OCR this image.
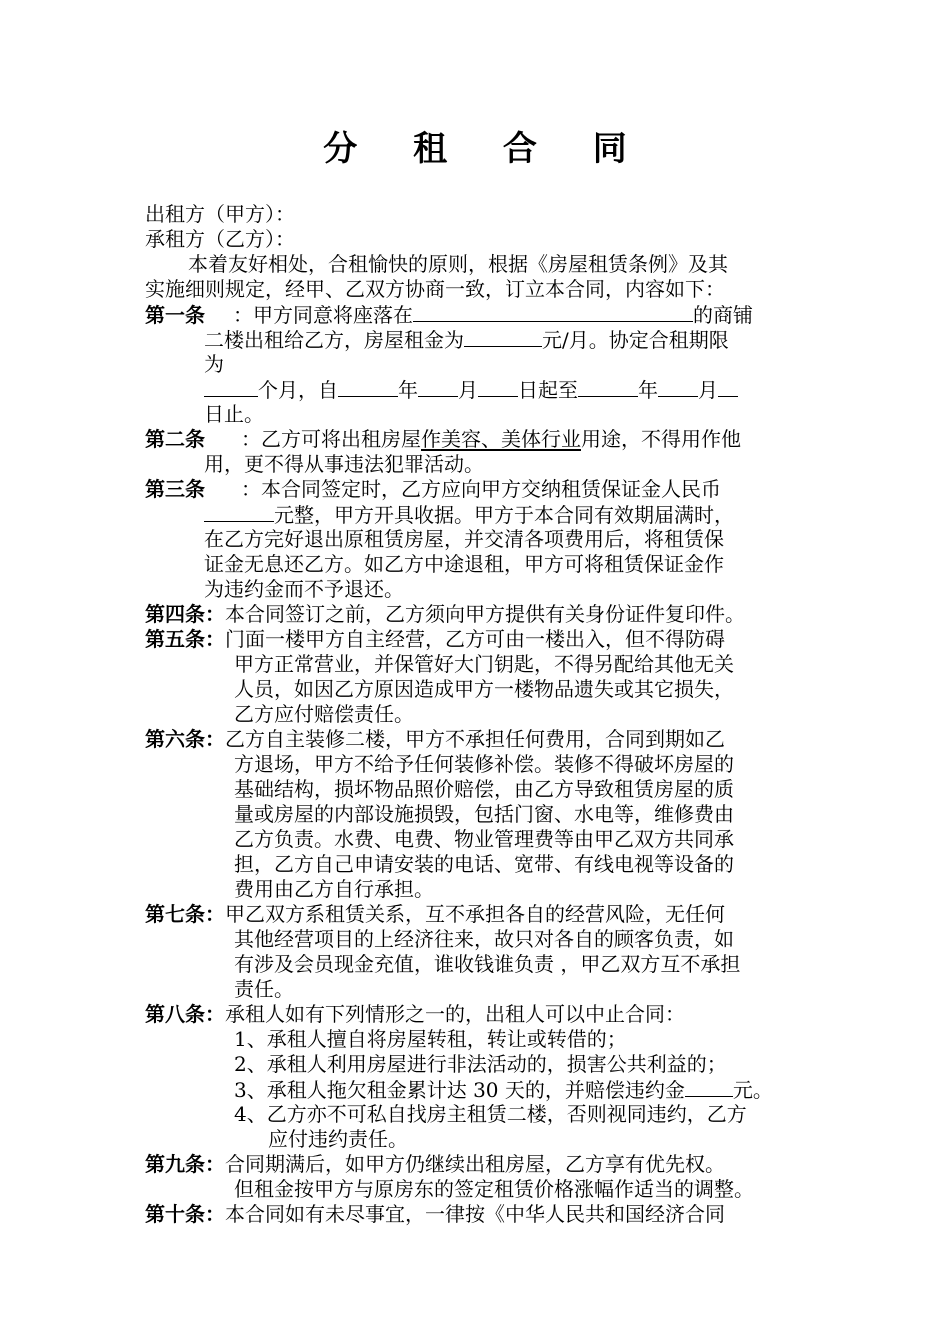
分 租 合 同
出租方（甲方）：
承租方（乙方）：
本着友好相处，合租愉快的原则，根据《房屋租赁条例》及其
实施细则规定，经甲、乙双方协商一致，订立本合同，内容如下：
第一条 ：甲方同意将座落在	的商铺
二楼出租给乙方，房屋租金为	元/月。协定合租期限
为
个月，自	年 月 日起至	年 月
日止。
第二条 ：乙方可将出租房屋作美容、美体行业用途，不得用作他
用，更不得从事违法犯罪活动。
第三条 ：本合同签定时，乙方应向甲方交纳租赁保证金人民币
元整，甲方开具收据。甲方于本合同有效期届满时，
在乙方完好退出原租赁房屋，并交清各项费用后，将租赁保
证金无息还乙方。如乙方中途退租，甲方可将租赁保证金作
为违约金而不予退还。
第四条：本合同签订之前，乙方须向甲方提供有关身份证件复印件。
第五条：门面一楼甲方自主经营，乙方可由一楼出入，但不得防碍
甲方正常营业，并保管好大门钥匙，不得另配给其他无关
人员，如因乙方原因造成甲方一楼物品遗失或其它损失，
乙方应付赔偿责任。
第六条：乙方自主装修二楼，甲方不承担任何费用，合同到期如乙
方退场，甲方不给予任何装修补偿。装修不得破坏房屋的
基础结构，损坏物品照价赔偿，由乙方导致租赁房屋的质
量或房屋的内部设施损毁，包括门窗、水电等，维修费由
乙方负责。水费、电费、物业管理费等由甲乙双方共同承
担，乙方自己申请安装的电话、宽带、有线电视等设备的
费用由乙方自行承担。
第七条：甲乙双方系租赁关系，互不承担各自的经营风险，无任何
其他经营项目的上经济往来，故只对各自的顾客负责，如
有涉及会员现金充值，谁收钱谁负责 ，甲乙双方互不承担
责任。
第八条：承租人如有下列情形之一的，出租人可以中止合同：
1、承租人擅自将房屋转租，转让或转借的；
2、承租人利用房屋进行非法活动的，损害公共利益的；
3、承租人拖欠租金累计达 30 天的，并赔偿违约金 元。
4、乙方亦不可私自找房主租赁二楼，否则视同违约，乙方
应付违约责任。
第九条：合同期满后，如甲方仍继续出租房屋，乙方享有优先权。
但租金按甲方与原房东的签定租赁价格涨幅作适当的调整。
第十条：本合同如有未尽事宜，一律按《中华人民共和国经济合同
